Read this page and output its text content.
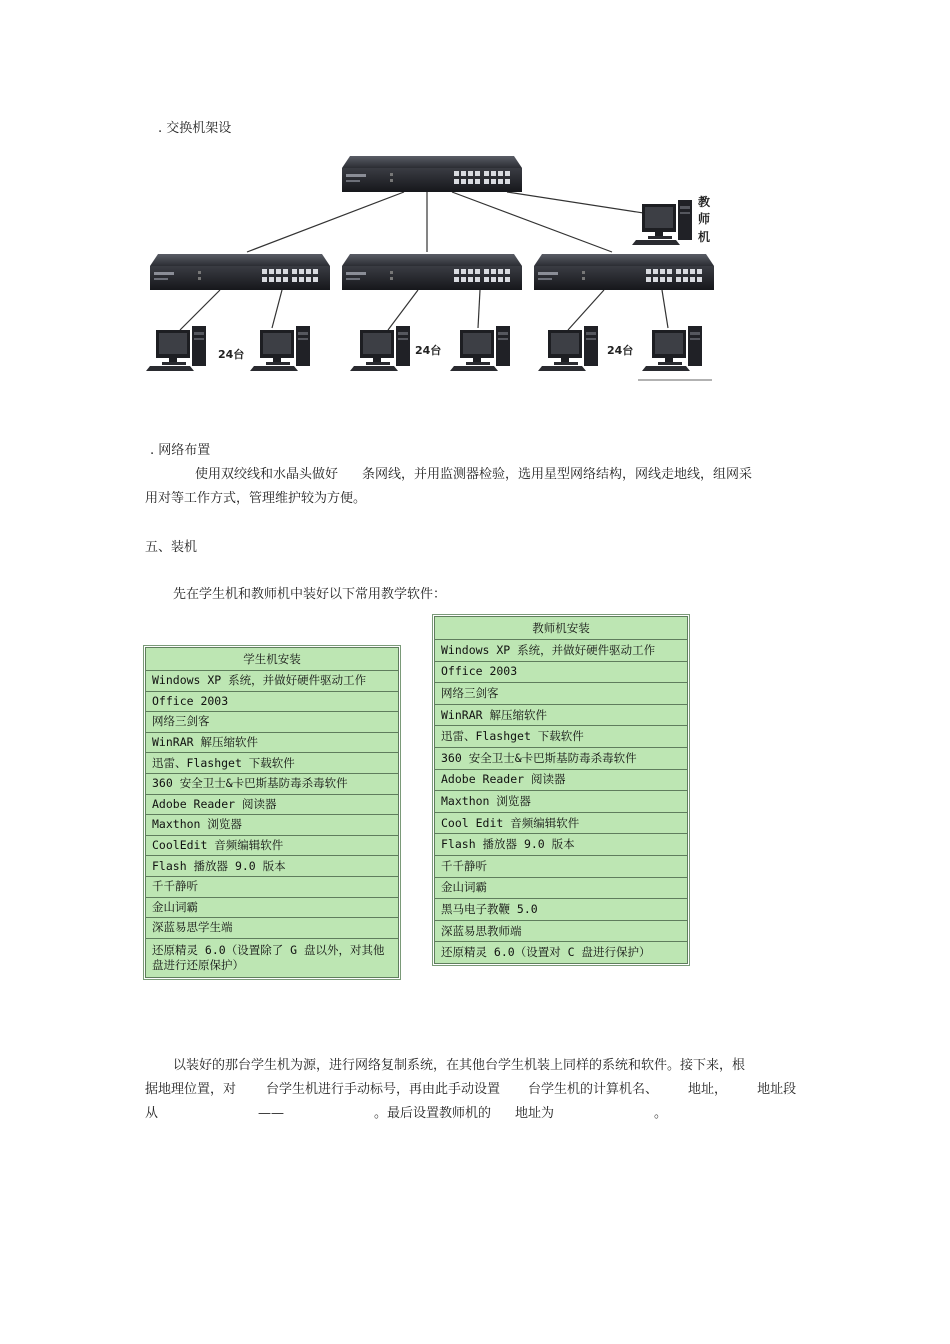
. 交换机架设
教
师
机
24台	24台	24台
. 网络布置
使用双绞线和水晶头做好 条网线，并用监测器检验，选用星型网络结构，网线走地线，组网采
用对等工作方式，管理维护较为方便。
五、装机
先在学生机和教师机中装好以下常用教学软件：
学生机安装
Windows XP 系统，并做好硬件驱动工作
Office 2003
网络三剑客
WinRAR 解压缩软件
迅雷、Flashget 下载软件
360 安全卫士&卡巴斯基防毒杀毒软件
Adobe Reader 阅读器
Maxthon 浏览器
CoolEdit 音频编辑软件
Flash 播放器 9.0 版本
千千静听
金山词霸
深蓝易思学生端
还原精灵 6.0（设置除了 G 盘以外，对其他盘进行还原保护）
教师机安装
Windows XP 系统，并做好硬件驱动工作
Office 2003
网络三剑客
WinRAR 解压缩软件
迅雷、Flashget 下载软件
360 安全卫士&卡巴斯基防毒杀毒软件
Adobe Reader 阅读器
Maxthon 浏览器
Cool Edit 音频编辑软件
Flash 播放器 9.0 版本
千千静听
金山词霸
黑马电子教鞭 5.0
深蓝易思教师端
还原精灵 6.0（设置对 C 盘进行保护）
以装好的那台学生机为源，进行网络复制系统，在其他台学生机装上同样的系统和软件。接下来，根
据地理位置，对 台学生机进行手动标号，再由此手动设置 台学生机的计算机名、 地址， 地址段
从	——	。最后设置教师机的 地址为	。
